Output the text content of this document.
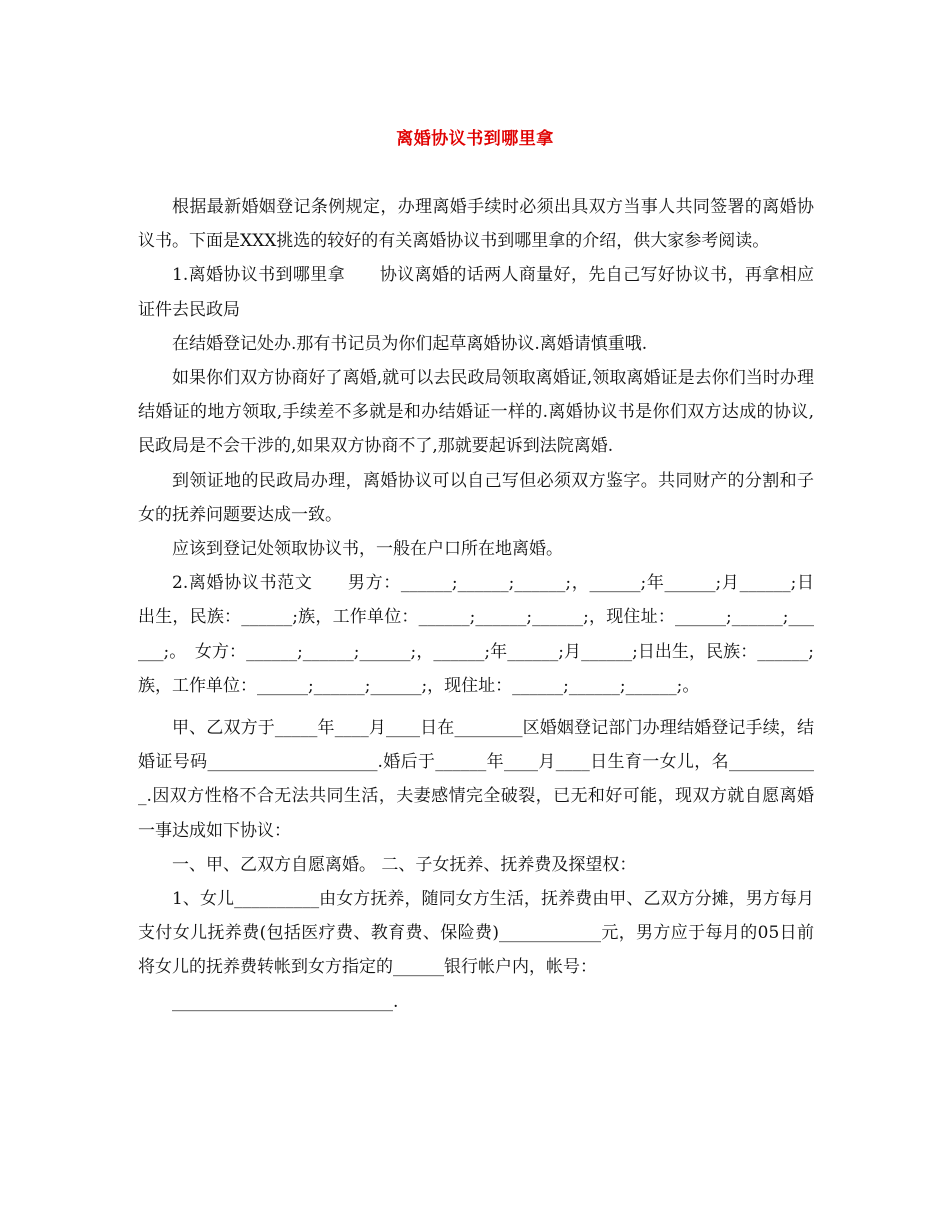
离婚协议书到哪里拿

根据最新婚姻登记条例规定，办理离婚手续时必须出具双方当事人共同签署的离婚协议书。下面是XXX挑选的较好的有关离婚协议书到哪里拿的介绍，供大家参考阅读。

1.离婚协议书到哪里拿　　协议离婚的话两人商量好，先自己写好协议书，再拿相应证件去民政局

在结婚登记处办.那有书记员为你们起草离婚协议.离婚请慎重哦.

如果你们双方协商好了离婚,就可以去民政局领取离婚证,领取离婚证是去你们当时办理结婚证的地方领取,手续差不多就是和办结婚证一样的.离婚协议书是你们双方达成的协议,民政局是不会干涉的,如果双方协商不了,那就要起诉到法院离婚.

到领证地的民政局办理，离婚协议可以自己写但必须双方鉴字。共同财产的分割和子女的抚养问题要达成一致。

应该到登记处领取协议书，一般在户口所在地离婚。

2.离婚协议书范文　　男方：______;______;______;，______;年______;月______;日出生，民族：______;族，工作单位：______;______;______;，现住址：______;______;______;。　女方：______;______;______;，______;年______;月______;日出生，民族：______;族，工作单位：______;______;______;，现住址：______;______;______;。

甲、乙双方于_____年____月____日在________区婚姻登记部门办理结婚登记手续，结婚证号码____________________.婚后于______年____月____日生育一女儿，名___________.因双方性格不合无法共同生活，夫妻感情完全破裂，已无和好可能，现双方就自愿离婚一事达成如下协议：

一、甲、乙双方自愿离婚。 二、子女抚养、抚养费及探望权：

1、女儿__________由女方抚养，随同女方生活，抚养费由甲、乙双方分摊，男方每月支付女儿抚养费(包括医疗费、教育费、保险费)____________元，男方应于每月的05日前将女儿的抚养费转帐到女方指定的______银行帐户内，帐号：

__________________________.
